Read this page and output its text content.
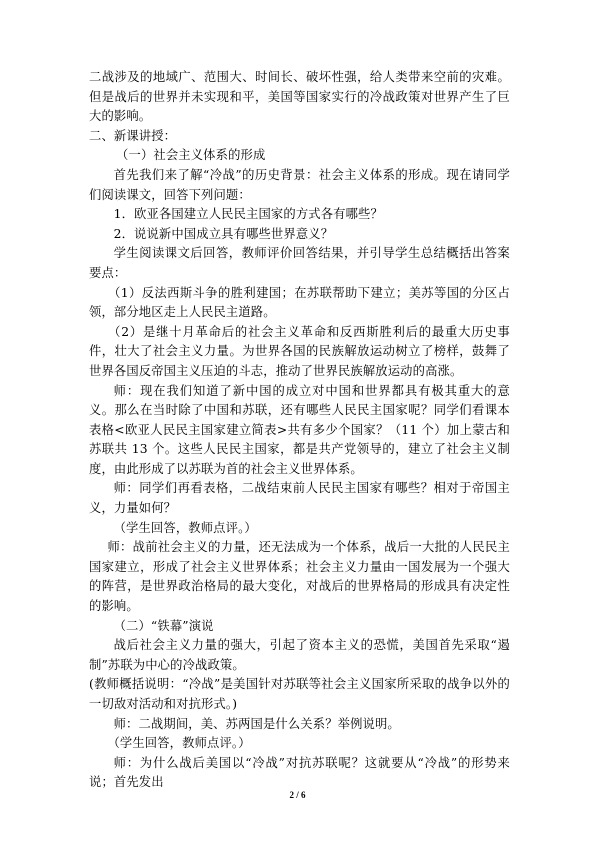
二战涉及的地域广、范围大、时间长、破坏性强，给人类带来空前的灾难。但是战后的世界并未实现和平，美国等国家实行的冷战政策对世界产生了巨大的影响。

二、新课讲授：

（一）社会主义体系的形成

首先我们来了解“冷战”的历史背景：社会主义体系的形成。现在请同学们阅读课文，回答下列问题：

1．欧亚各国建立人民民主国家的方式各有哪些？

2．说说新中国成立具有哪些世界意义？

学生阅读课文后回答，教师评价回答结果，并引导学生总结概括出答案要点：

（1）反法西斯斗争的胜利建国；在苏联帮助下建立；美苏等国的分区占领，部分地区走上人民民主道路。

（2）是继十月革命后的社会主义革命和反西斯胜利后的最重大历史事件，壮大了社会主义力量。为世界各国的民族解放运动树立了榜样，鼓舞了世界各国反帝国主义压迫的斗志，推动了世界民族解放运动的高涨。

师：现在我们知道了新中国的成立对中国和世界都具有极其重大的意义。那么在当时除了中国和苏联，还有哪些人民民主国家呢？同学们看课本表格<欧亚人民民主国家建立简表>共有多少个国家？（11 个）加上蒙古和苏联共 13 个。这些人民民主国家，都是共产党领导的，建立了社会主义制度，由此形成了以苏联为首的社会主义世界体系。

师：同学们再看表格，二战结束前人民民主国家有哪些？相对于帝国主义，力量如何？

（学生回答，教师点评。）

师：战前社会主义的力量，还无法成为一个体系，战后一大批的人民民主国家建立，形成了社会主义世界体系；社会主义力量由一国发展为一个强大的阵营，是世界政治格局的最大变化，对战后的世界格局的形成具有决定性的影响。

（二）“铁幕”演说

战后社会主义力量的强大，引起了资本主义的恐慌，美国首先采取“遏制”苏联为中心的冷战政策。

(教师概括说明：“冷战”是美国针对苏联等社会主义国家所采取的战争以外的一切敌对活动和对抗形式。)

师：二战期间，美、苏两国是什么关系？举例说明。

（学生回答，教师点评。）

师：为什么战后美国以“冷战”对抗苏联呢？这就要从“冷战”的形势来说；首先发出

2 / 6
